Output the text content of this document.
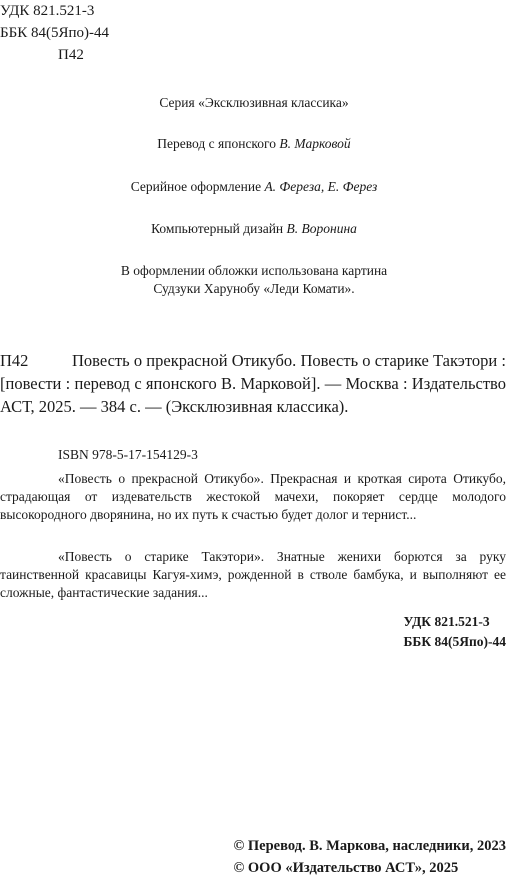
УДК 821.521-3
ББК 84(5Япо)-44
П42
Серия «Эксклюзивная классика»
Перевод с японского В. Марковой
Серийное оформление А. Фереза, Е. Ферез
Компьютерный дизайн В. Воронина
В оформлении обложки использована картина
Судзуки Харунобу «Леди Комати».
П42	Повесть о прекрасной Отикубо. Повесть о старике Такэтори : [повести : перевод с японского В. Марковой]. — Москва : Издательство АСТ, 2025. — 384 с. — (Эксклюзивная классика).
ISBN 978-5-17-154129-3

«Повесть о прекрасной Отикубо». Прекрасная и кроткая сирота Отикубо, страдающая от издевательств жестокой мачехи, покоряет сердце молодого высокородного дворянина, но их путь к счастью будет долог и тернист...

«Повесть о старике Такэтори». Знатные женихи борются за руку таинственной красавицы Кагуя-химэ, рожденной в стволе бамбука, и выполняют ее сложные, фантастические задания...

УДК 821.521-3
ББК 84(5Япо)-44
© Перевод. В. Маркова, наследники, 2023
© ООО «Издательство АСТ», 2025
